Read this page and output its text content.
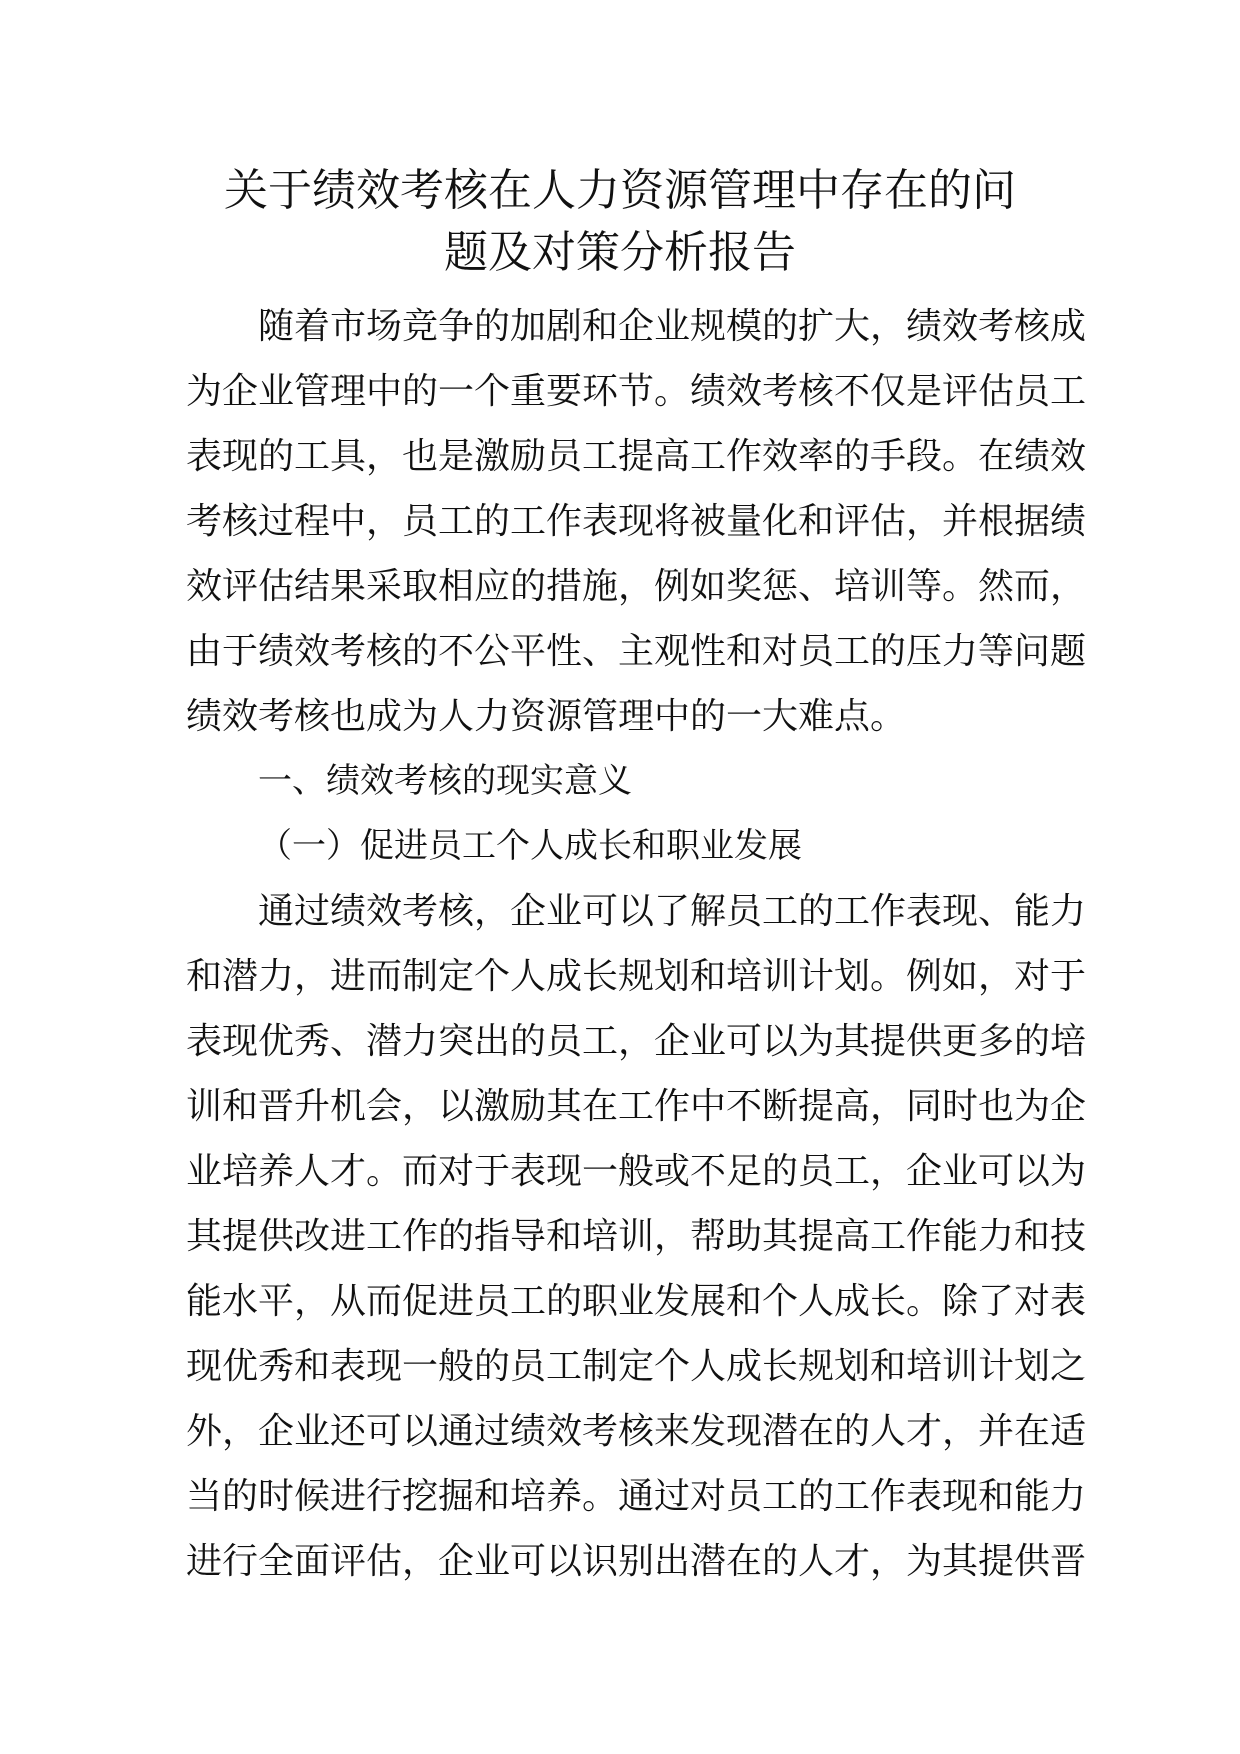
关于绩效考核在人力资源管理中存在的问
题及对策分析报告
随着市场竞争的加剧和企业规模的扩大，绩效考核成
为企业管理中的一个重要环节。绩效考核不仅是评估员工
表现的工具，也是激励员工提高工作效率的手段。在绩效
考核过程中，员工的工作表现将被量化和评估，并根据绩
效评估结果采取相应的措施，例如奖惩、培训等。然而，
由于绩效考核的不公平性、主观性和对员工的压力等问题
绩效考核也成为人力资源管理中的一大难点。
一、绩效考核的现实意义
（一）促进员工个人成长和职业发展
通过绩效考核，企业可以了解员工的工作表现、能力
和潜力，进而制定个人成长规划和培训计划。例如，对于
表现优秀、潜力突出的员工，企业可以为其提供更多的培
训和晋升机会，以激励其在工作中不断提高，同时也为企
业培养人才。而对于表现一般或不足的员工，企业可以为
其提供改进工作的指导和培训，帮助其提高工作能力和技
能水平，从而促进员工的职业发展和个人成长。除了对表
现优秀和表现一般的员工制定个人成长规划和培训计划之
外，企业还可以通过绩效考核来发现潜在的人才，并在适
当的时候进行挖掘和培养。通过对员工的工作表现和能力
进行全面评估，企业可以识别出潜在的人才，为其提供晋
